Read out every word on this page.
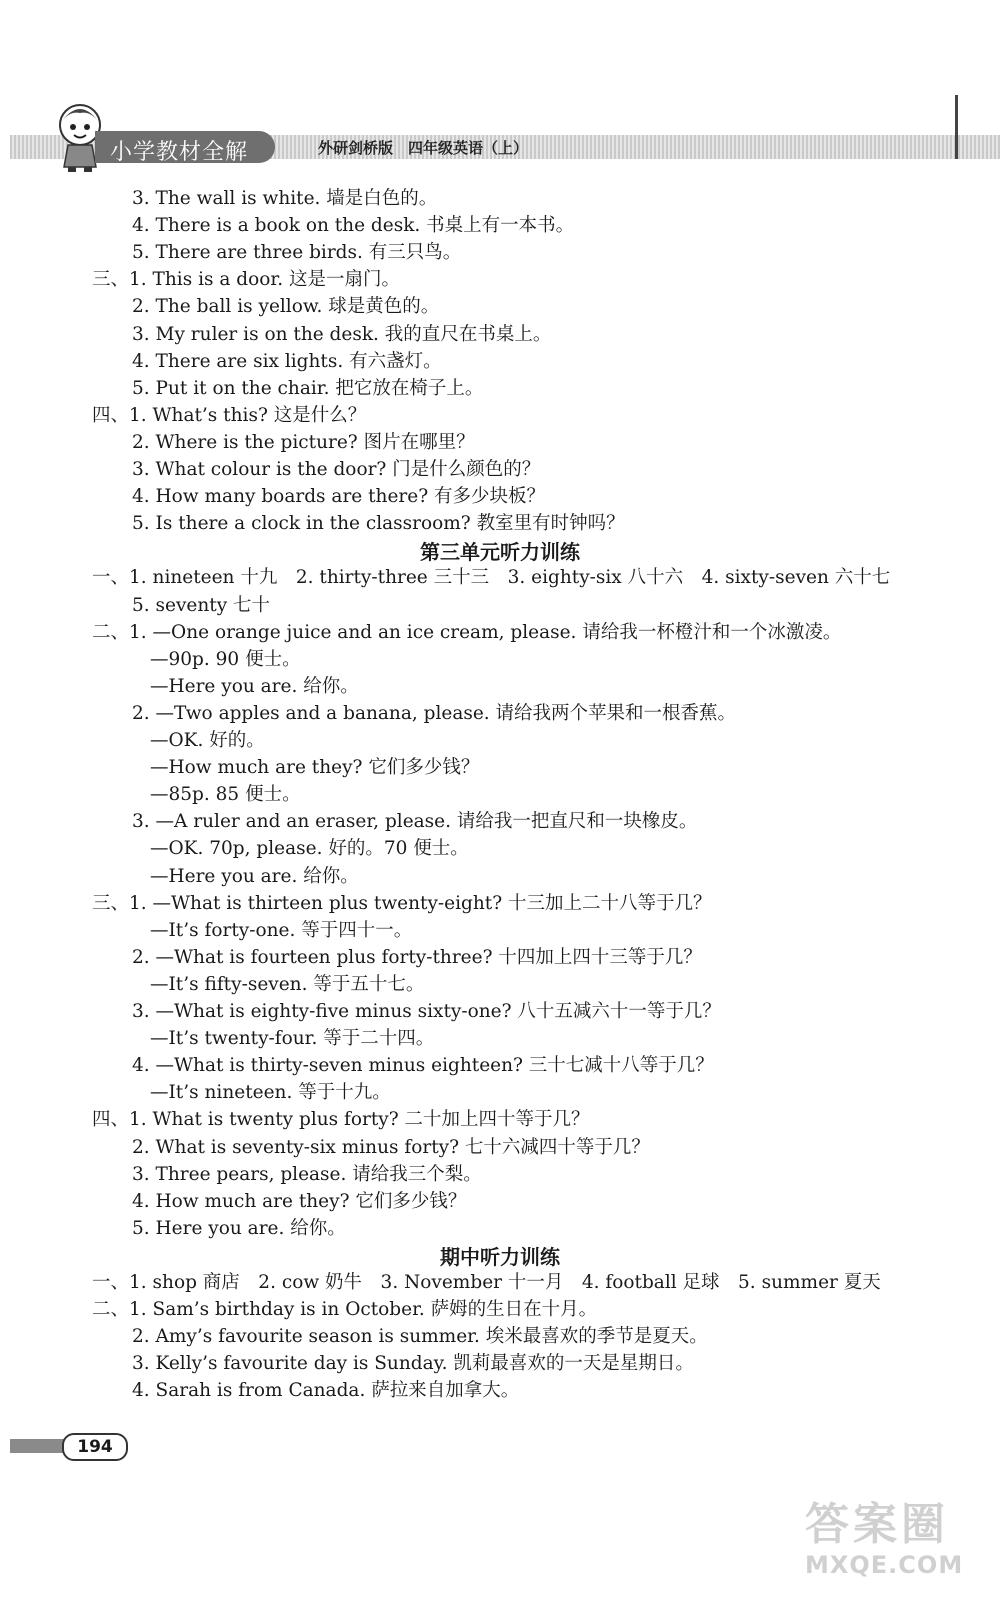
小学教材全解	外研剑桥版　四年级英语（上）
3. The wall is white. 墙是白色的。
4. There is a book on the desk. 书桌上有一本书。
5. There are three birds. 有三只鸟。
三、1. This is a door. 这是一扇门。
2. The ball is yellow. 球是黄色的。
3. My ruler is on the desk. 我的直尺在书桌上。
4. There are six lights. 有六盏灯。
5. Put it on the chair. 把它放在椅子上。
四、1. What’s this? 这是什么？
2. Where is the picture? 图片在哪里？
3. What colour is the door? 门是什么颜色的？
4. How many boards are there? 有多少块板？
5. Is there a clock in the classroom? 教室里有时钟吗？
第三单元听力训练
一、1. nineteen 十九　2. thirty-three 三十三　3. eighty-six 八十六　4. sixty-seven 六十七
5. seventy 七十
二、1. —One orange juice and an ice cream, please. 请给我一杯橙汁和一个冰激凌。
—90p. 90 便士。
—Here you are. 给你。
2. —Two apples and a banana, please. 请给我两个苹果和一根香蕉。
—OK. 好的。
—How much are they? 它们多少钱？
—85p. 85 便士。
3. —A ruler and an eraser, please. 请给我一把直尺和一块橡皮。
—OK. 70p, please. 好的。70 便士。
—Here you are. 给你。
三、1. —What is thirteen plus twenty-eight? 十三加上二十八等于几？
—It’s forty-one. 等于四十一。
2. —What is fourteen plus forty-three? 十四加上四十三等于几？
—It’s fifty-seven. 等于五十七。
3. —What is eighty-five minus sixty-one? 八十五减六十一等于几？
—It’s twenty-four. 等于二十四。
4. —What is thirty-seven minus eighteen? 三十七减十八等于几？
—It’s nineteen. 等于十九。
四、1. What is twenty plus forty? 二十加上四十等于几？
2. What is seventy-six minus forty? 七十六减四十等于几？
3. Three pears, please. 请给我三个梨。
4. How much are they? 它们多少钱？
5. Here you are. 给你。
期中听力训练
一、1. shop 商店　2. cow 奶牛　3. November 十一月　4. football 足球　5. summer 夏天
二、1. Sam’s birthday is in October. 萨姆的生日在十月。
2. Amy’s favourite season is summer. 埃米最喜欢的季节是夏天。
3. Kelly’s favourite day is Sunday. 凯莉最喜欢的一天是星期日。
4. Sarah is from Canada. 萨拉来自加拿大。
194
答案圈
MXQE.COM
